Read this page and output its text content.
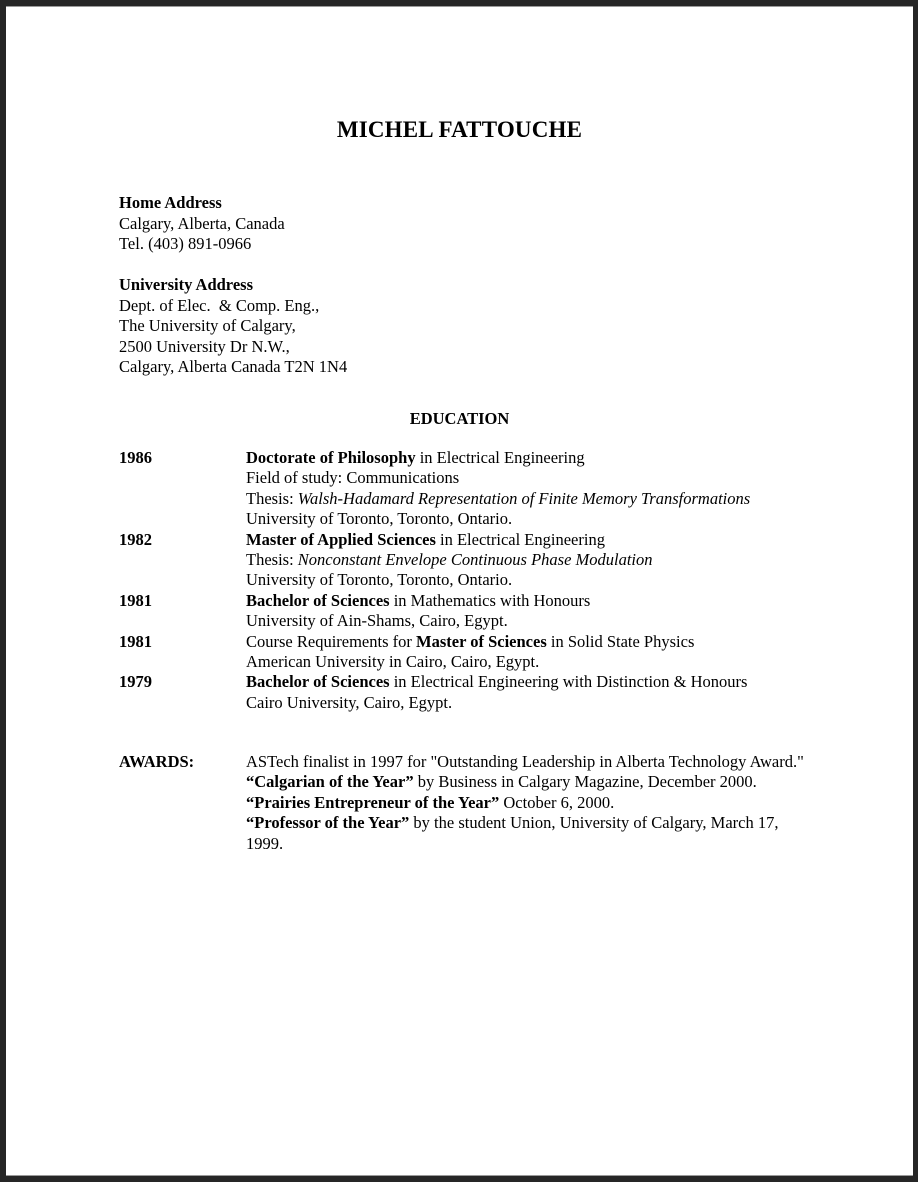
MICHEL FATTOUCHE
Home Address
Calgary, Alberta, Canada
Tel. (403) 891-0966
University Address
Dept. of Elec.  & Comp. Eng.,
The University of Calgary,
2500 University Dr N.W.,
Calgary, Alberta Canada T2N 1N4
EDUCATION
1986	Doctorate of Philosophy in Electrical Engineering
Field of study: Communications
Thesis: Walsh-Hadamard Representation of Finite Memory Transformations
University of Toronto, Toronto, Ontario.
1982	Master of Applied Sciences in Electrical Engineering
Thesis: Nonconstant Envelope Continuous Phase Modulation
University of Toronto, Toronto, Ontario.
1981	Bachelor of Sciences in Mathematics with Honours
University of Ain-Shams, Cairo, Egypt.
1981	Course Requirements for Master of Sciences in Solid State Physics
American University in Cairo, Cairo, Egypt.
1979	Bachelor of Sciences in Electrical Engineering with Distinction & Honours
Cairo University, Cairo, Egypt.
AWARDS:	ASTech finalist in 1997 for "Outstanding Leadership in Alberta Technology Award."
“Calgarian of the Year” by Business in Calgary Magazine, December 2000.
“Prairies Entrepreneur of the Year” October 6, 2000.
“Professor of the Year” by the student Union, University of Calgary, March 17, 1999.
